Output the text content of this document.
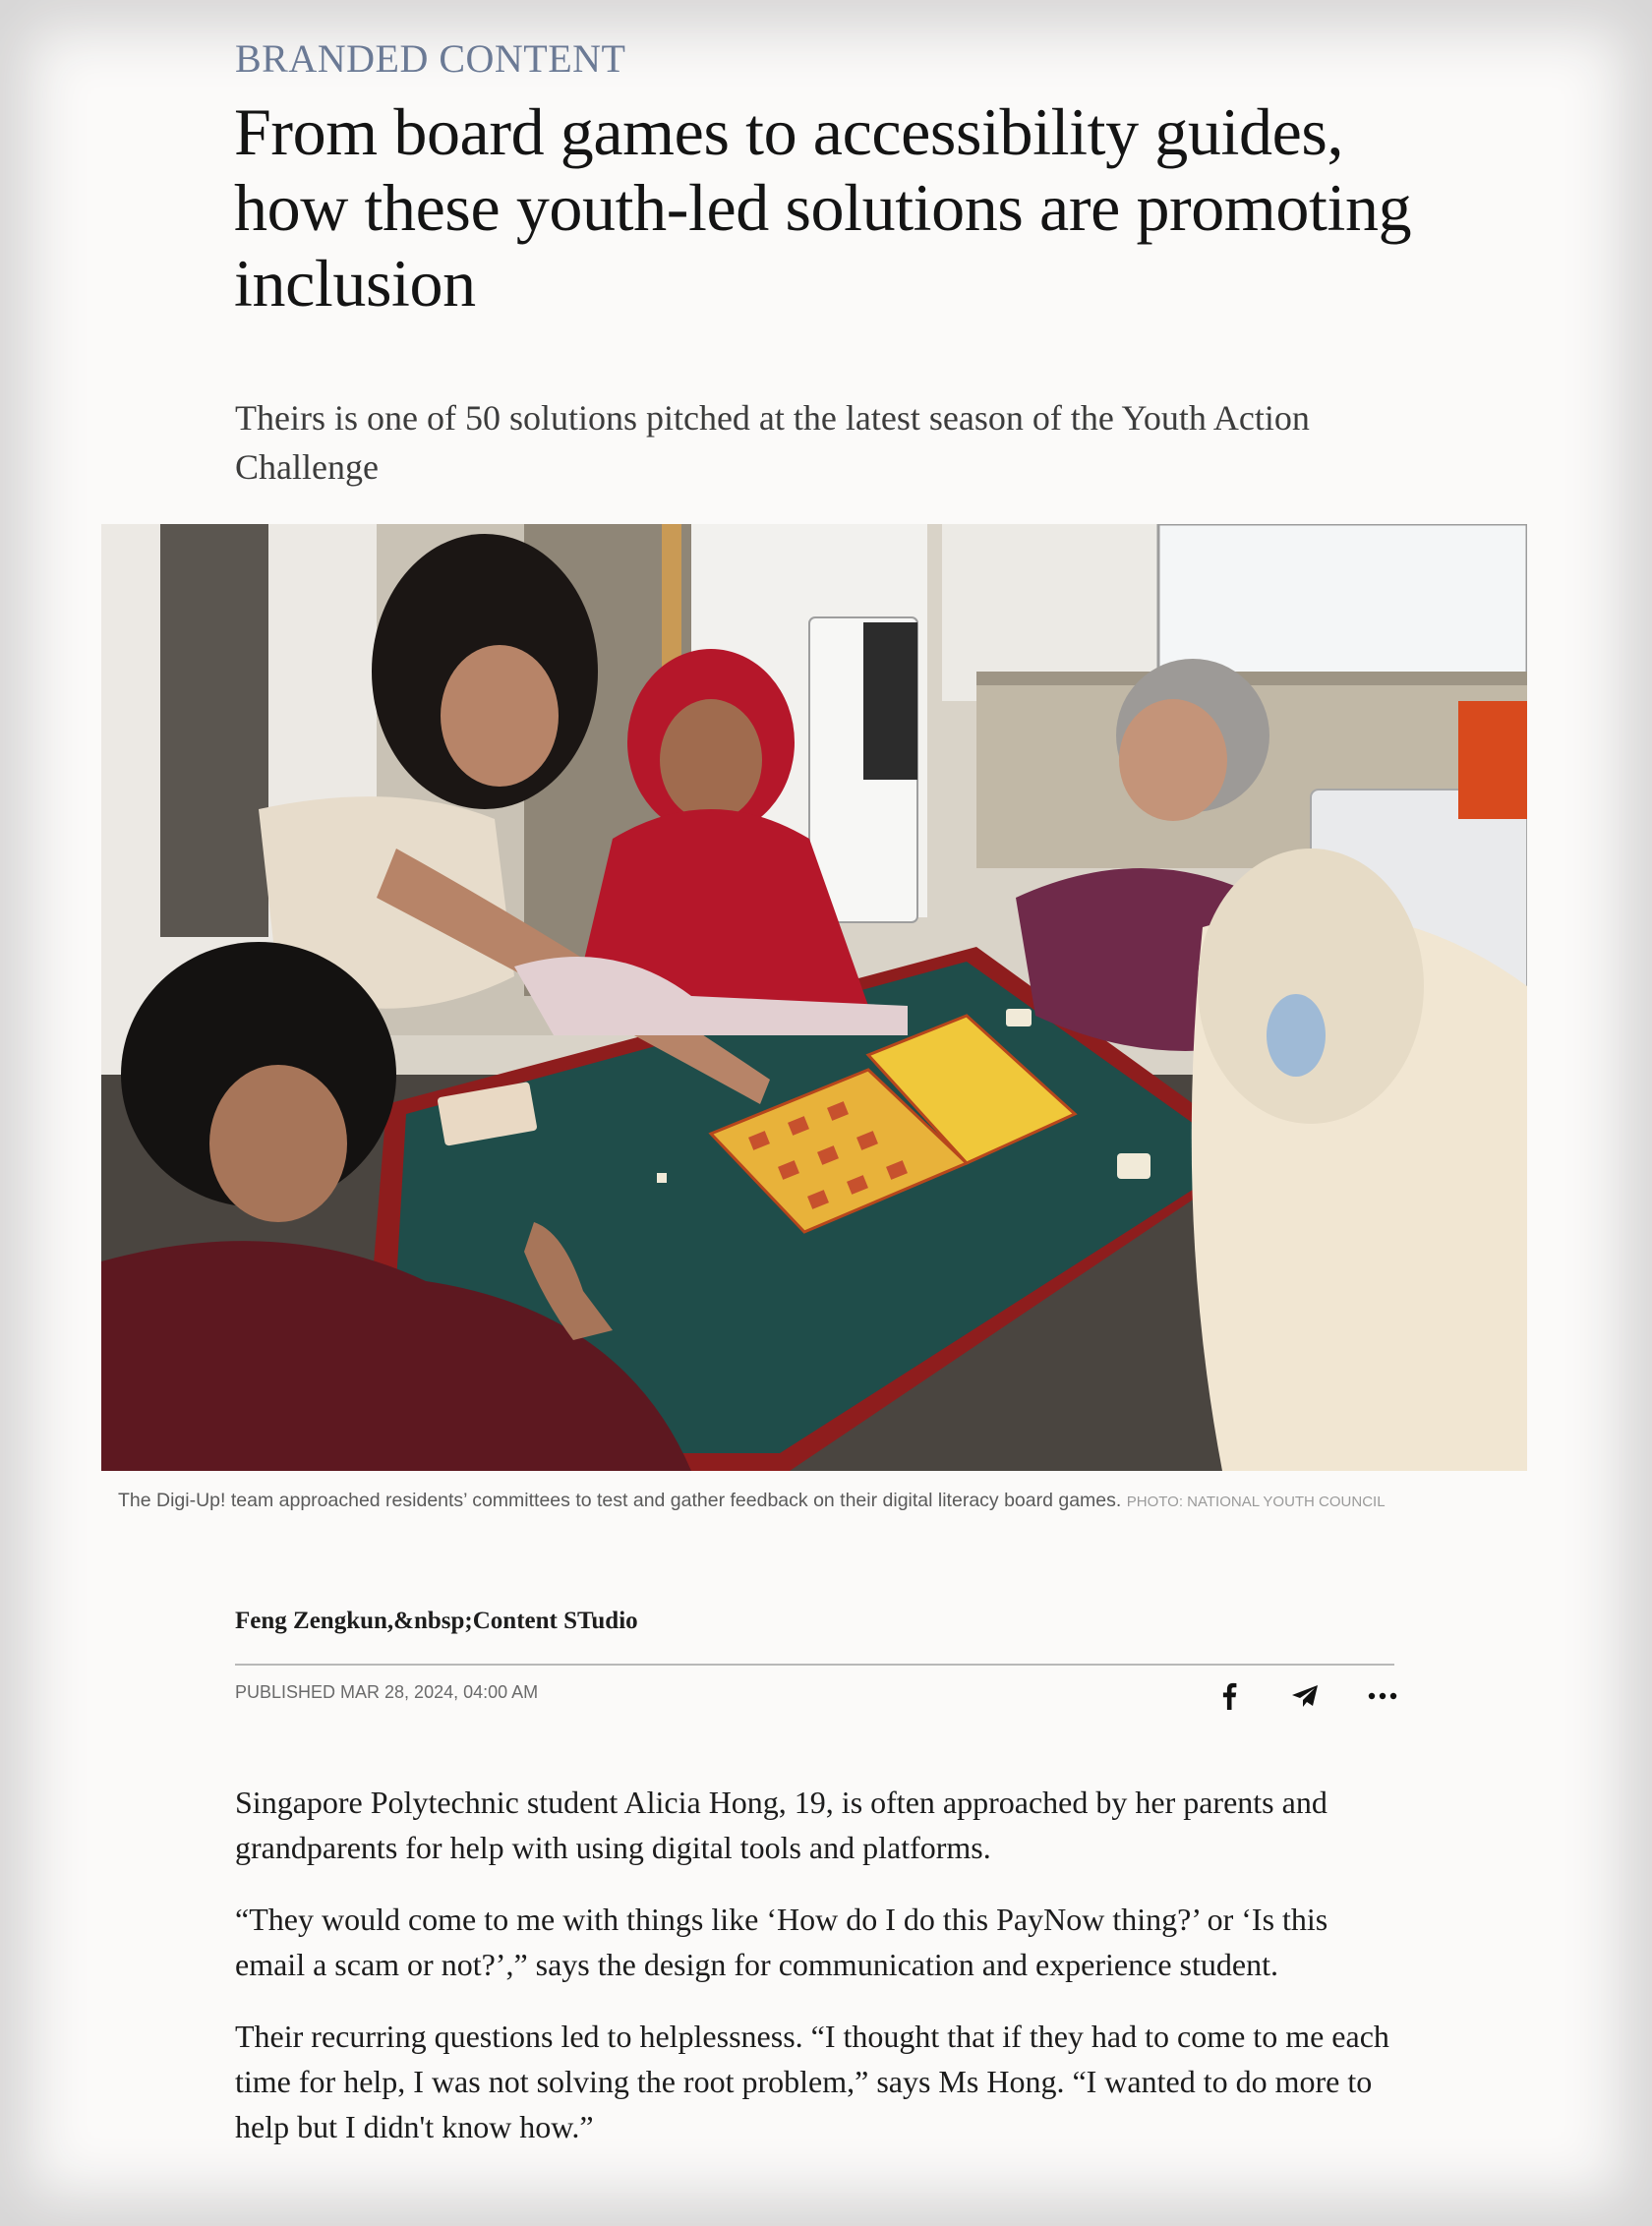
BRANDED CONTENT
From board games to accessibility guides, how these youth-led solutions are promoting inclusion
Theirs is one of 50 solutions pitched at the latest season of the Youth Action Challenge
The Digi-Up! team approached residents’ committees to test and gather feedback on their digital literacy board games. PHOTO: NATIONAL YOUTH COUNCIL
Feng Zengkun,&nbsp;Content STudio
PUBLISHED MAR 28, 2024, 04:00 AM

Singapore Polytechnic student Alicia Hong, 19, is often approached by her parents and grandparents for help with using digital tools and platforms.

“They would come to me with things like ‘How do I do this PayNow thing?’ or ‘Is this email a scam or not?’,” says the design for communication and experience student.

Their recurring questions led to helplessness. “I thought that if they had to come to me each time for help, I was not solving the root problem,” says Ms Hong. “I wanted to do more to help but I didn't know how.”
